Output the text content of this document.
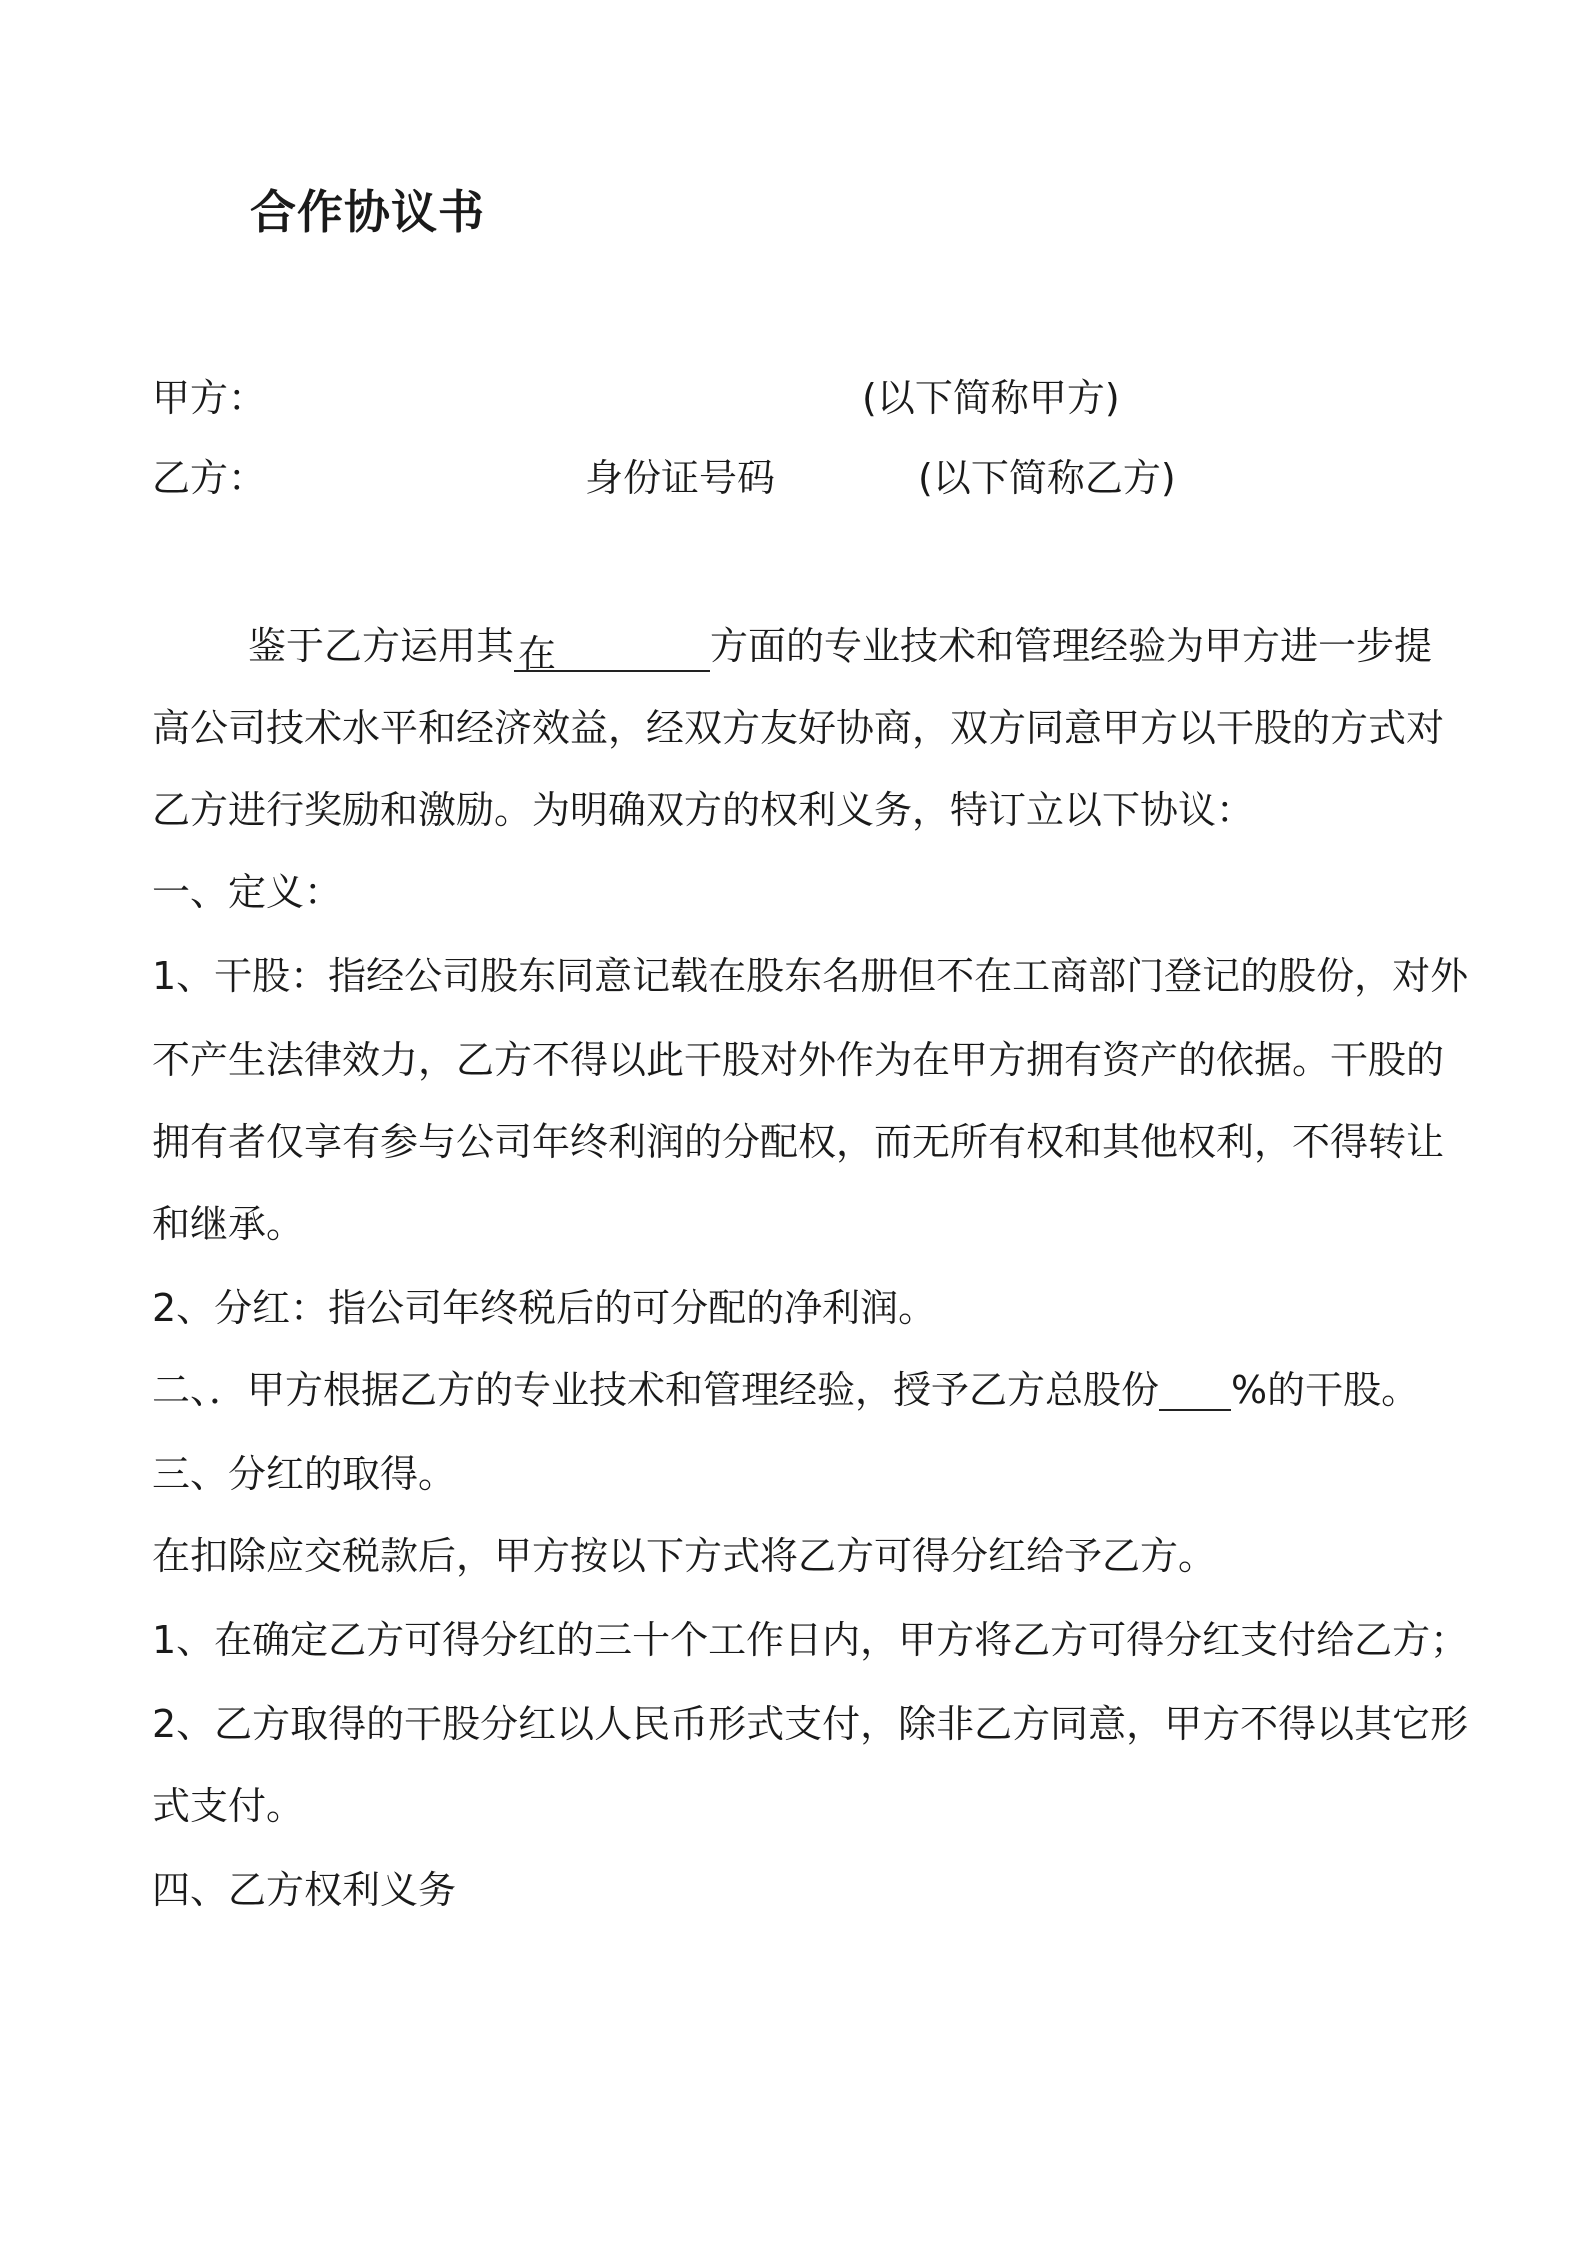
合作协议书
甲方：	(以下简称甲方)
乙方：	身份证号码	(以下简称乙方)
鉴于乙方运用其 在	方面的专业技术和管理经验为甲方进一步提
高公司技术水平和经济效益，经双方友好协商，双方同意甲方以干股的方式对
乙方进行奖励和激励。为明确双方的权利义务，特订立以下协议：
一、定义：
1、干股：指经公司股东同意记载在股东名册但不在工商部门登记的股份，对外
不产生法律效力，乙方不得以此干股对外作为在甲方拥有资产的依据。干股的
拥有者仅享有参与公司年终利润的分配权，而无所有权和其他权利，不得转让
和继承。
2、分红：指公司年终税后的可分配的净利润。
二、．甲方根据乙方的专业技术和管理经验，授予乙方总股份 %的干股。
三、分红的取得。
在扣除应交税款后，甲方按以下方式将乙方可得分红给予乙方。
1、在确定乙方可得分红的三十个工作日内，甲方将乙方可得分红支付给乙方；
2、乙方取得的干股分红以人民币形式支付，除非乙方同意，甲方不得以其它形
式支付。
四、乙方权利义务
